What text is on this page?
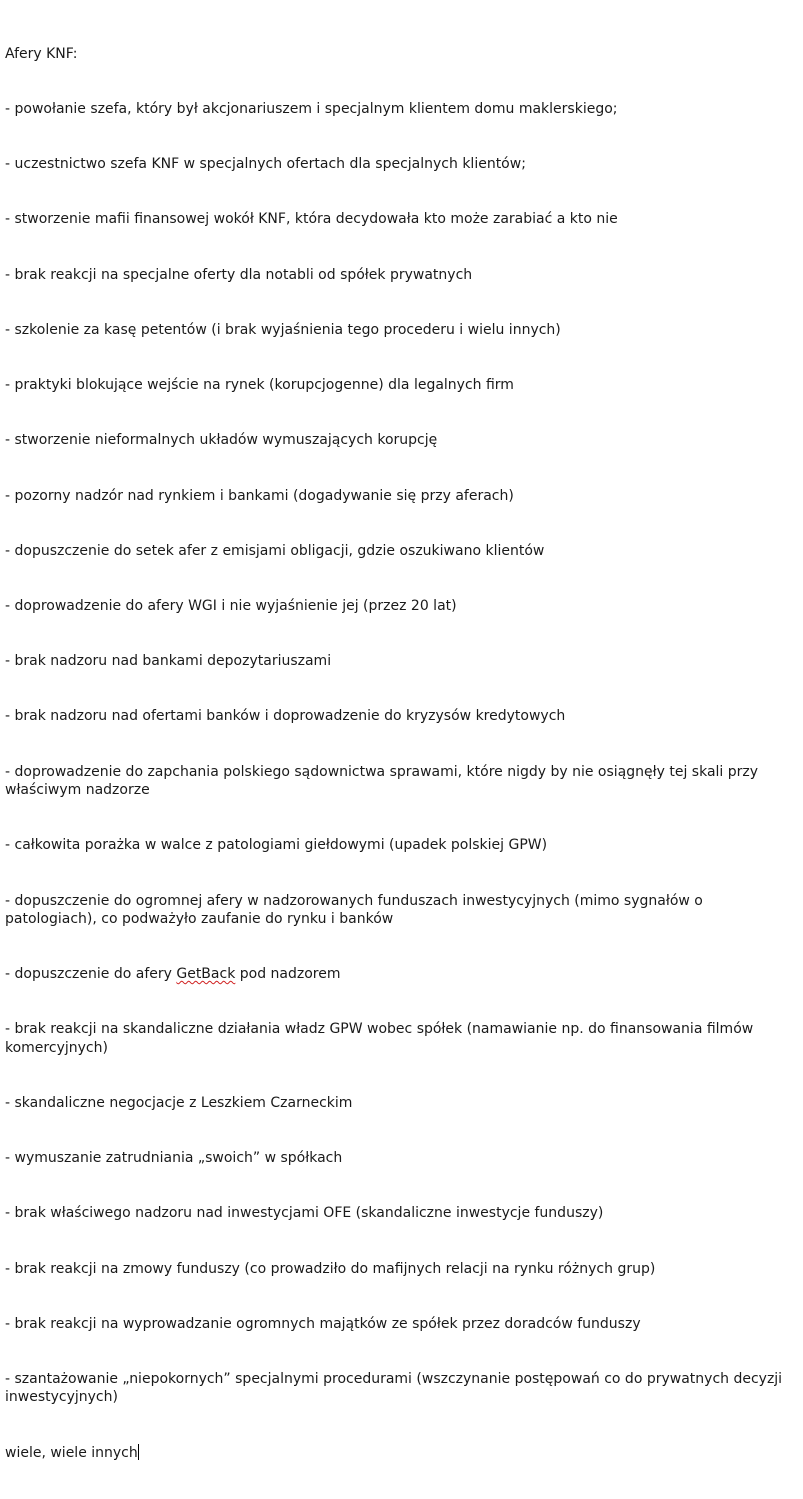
Afery KNF:

- powołanie szefa, który był akcjonariuszem i specjalnym klientem domu maklerskiego;

- uczestnictwo szefa KNF w specjalnych ofertach dla specjalnych klientów;

- stworzenie mafii finansowej wokół KNF, która decydowała kto może zarabiać a kto nie

- brak reakcji na specjalne oferty dla notabli od spółek prywatnych

- szkolenie za kasę petentów (i brak wyjaśnienia tego procederu i wielu innych)

- praktyki blokujące wejście na rynek (korupcjogenne) dla legalnych firm

- stworzenie nieformalnych układów wymuszających korupcję

- pozorny nadzór nad rynkiem i bankami (dogadywanie się przy aferach)

- dopuszczenie do setek afer z emisjami obligacji, gdzie oszukiwano klientów

- doprowadzenie do afery WGI i nie wyjaśnienie jej (przez 20 lat)

- brak nadzoru nad bankami depozytariuszami

- brak nadzoru nad ofertami banków i doprowadzenie do kryzysów kredytowych

- doprowadzenie do zapchania polskiego sądownictwa sprawami, które nigdy by nie osiągnęły tej skali przy właściwym nadzorze

- całkowita porażka w walce z patologiami giełdowymi (upadek polskiej GPW)

- dopuszczenie do ogromnej afery w nadzorowanych funduszach inwestycyjnych (mimo sygnałów o patologiach), co podważyło zaufanie do rynku i banków

- dopuszczenie do afery GetBack pod nadzorem

- brak reakcji na skandaliczne działania władz GPW wobec spółek (namawianie np. do finansowania filmów komercyjnych)

- skandaliczne negocjacje z Leszkiem Czarneckim

- wymuszanie zatrudniania „swoich” w spółkach

- brak właściwego nadzoru nad inwestycjami OFE (skandaliczne inwestycje funduszy)

- brak reakcji na zmowy funduszy (co prowadziło do mafijnych relacji na rynku różnych grup)

- brak reakcji na wyprowadzanie ogromnych majątków ze spółek przez doradców funduszy

- szantażowanie „niepokornych” specjalnymi procedurami (wszczynanie postępowań co do prywatnych decyzji inwestycyjnych)

wiele, wiele innych
